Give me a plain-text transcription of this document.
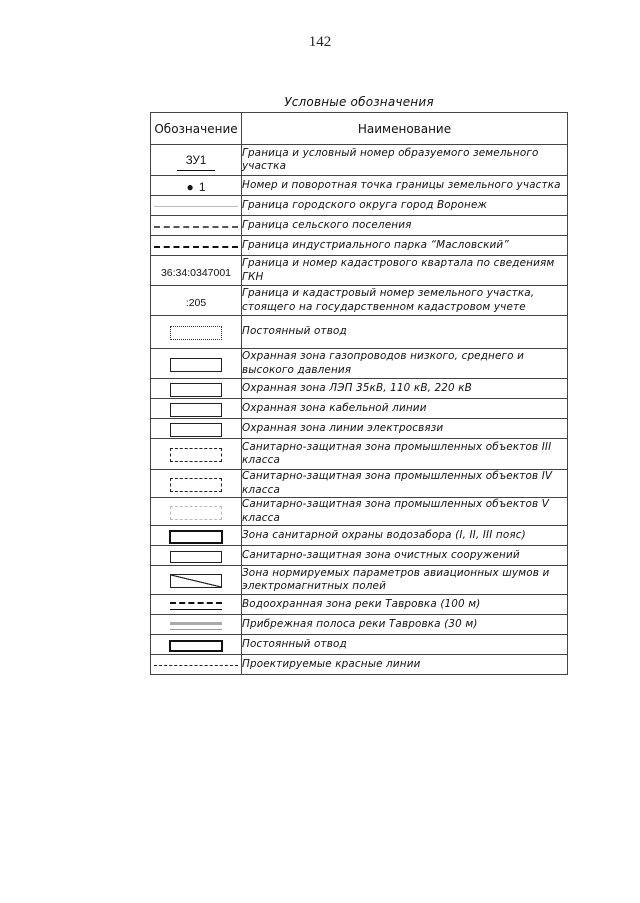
142
Условные обозначения
Обозначение	Наименование
ЗУ1	Граница и условный номер образуемого земельного участка
● 1	Номер и поворотная точка границы земельного участка
	Граница городского округа город Воронеж
	Граница сельского поселения
	Граница индустриального парка “Масловский”
36:34:0347001	Граница и номер кадастрового квартала по сведениям ГКН
:205	Граница и кадастровый номер земельного участка, стоящего на государственном кадастровом учете
	Постоянный отвод
	Охранная зона газопроводов низкого, среднего и высокого давления
	Охранная зона ЛЭП 35кВ, 110 кВ, 220 кВ
	Охранная зона кабельной линии
	Охранная зона линии электросвязи
	Санитарно-защитная зона промышленных объектов III класса
	Санитарно-защитная зона промышленных объектов IV класса
	Санитарно-защитная зона промышленных объектов V класса
	Зона санитарной охраны водозабора (I, II, III пояс)
	Санитарно-защитная зона очистных сооружений
	Зона нормируемых параметров авиационных шумов и электромагнитных полей
	Водоохранная зона реки Тавровка (100 м)
	Прибрежная полоса реки Тавровка (30 м)
	Постоянный отвод
	Проектируемые красные линии
